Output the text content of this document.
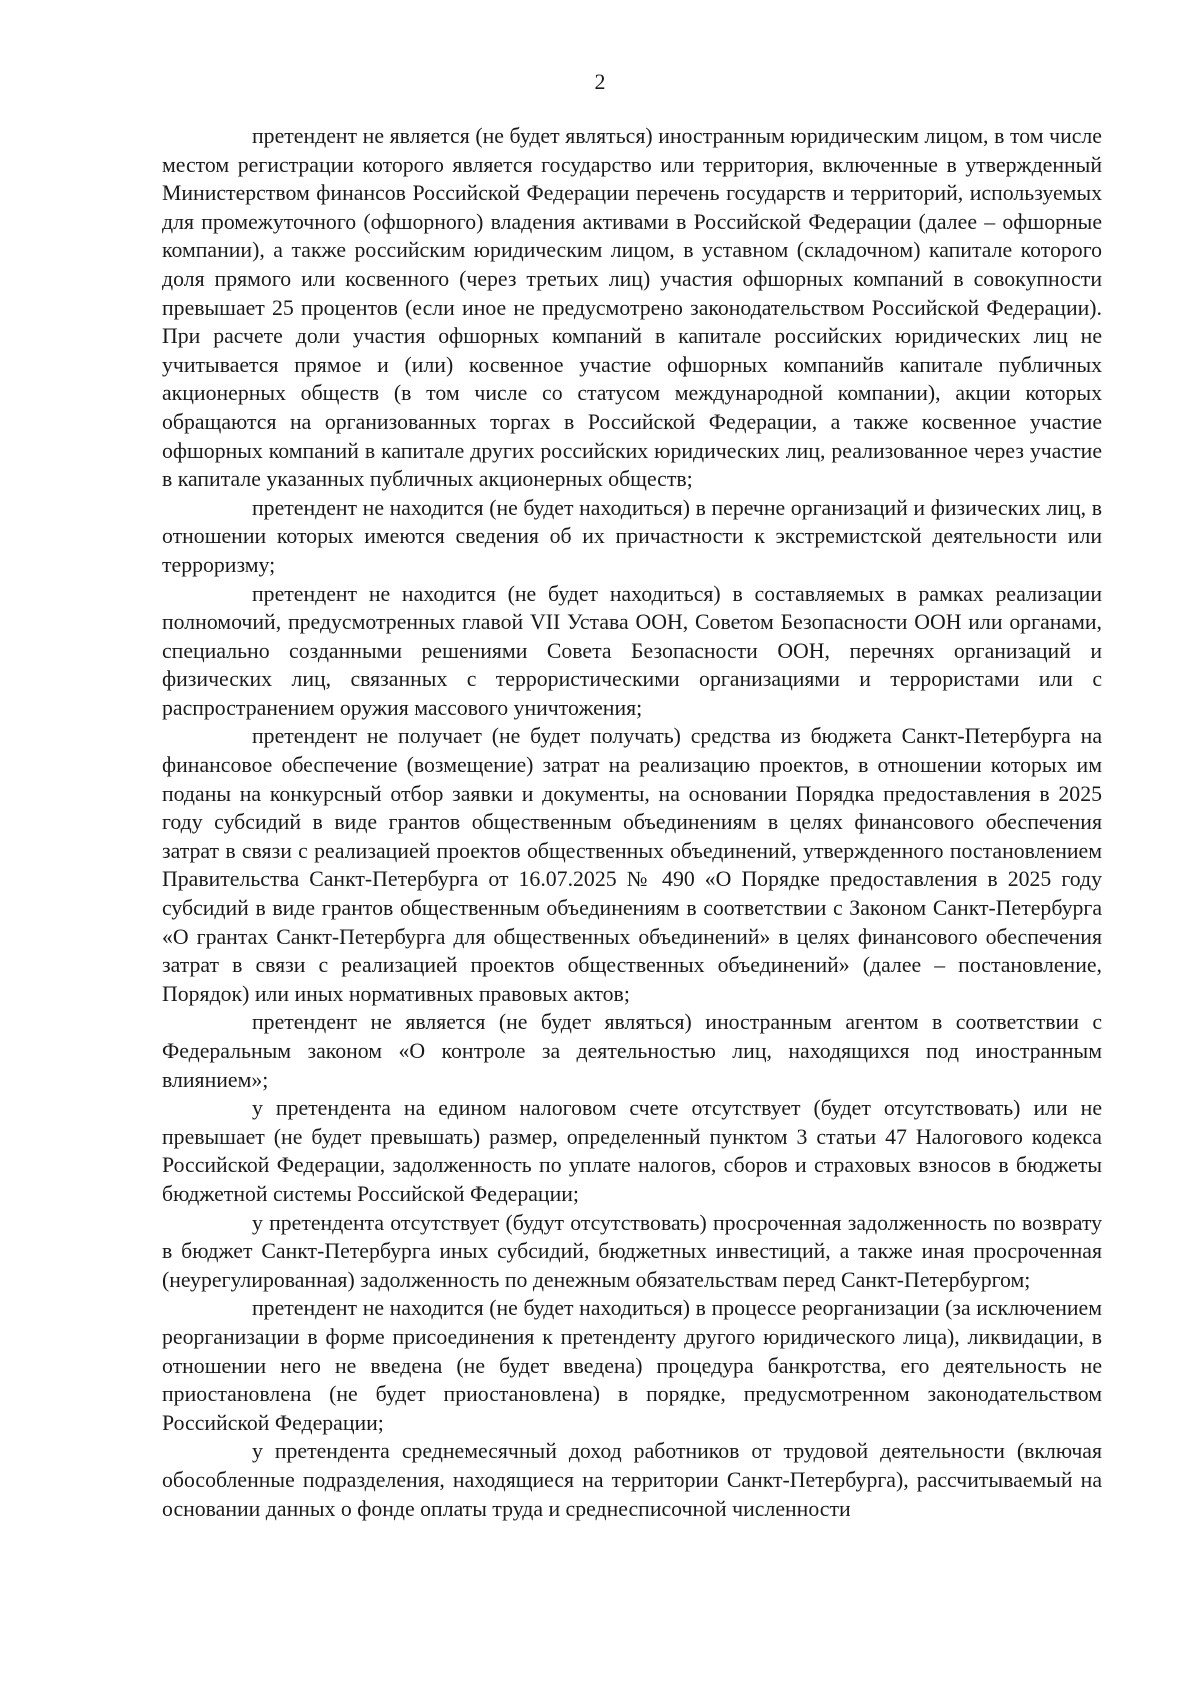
2

претендент не является (не будет являться) иностранным юридическим лицом, в том числе местом регистрации которого является государство или территория, включенные в утвержденный Министерством финансов Российской Федерации перечень государств и территорий, используемых для промежуточного (офшорного) владения активами в Российской Федерации (далее – офшорные компании), а также российским юридическим лицом, в уставном (складочном) капитале которого доля прямого или косвенного (через третьих лиц) участия офшорных компаний в совокупности превышает 25 процентов (если иное не предусмотрено законодательством Российской Федерации). При расчете доли участия офшорных компаний в капитале российских юридических лиц не учитывается прямое и (или) косвенное участие офшорных компанийв капитале публичных акционерных обществ (в том числе со статусом международной компании), акции которых обращаются на организованных торгах в Российской Федерации, а также косвенное участие офшорных компаний в капитале других российских юридических лиц, реализованное через участие в капитале указанных публичных акционерных обществ;

претендент не находится (не будет находиться) в перечне организаций и физических лиц, в отношении которых имеются сведения об их причастности к экстремистской деятельности или терроризму;

претендент не находится (не будет находиться) в составляемых в рамках реализации полномочий, предусмотренных главой VII Устава ООН, Советом Безопасности ООН или органами, специально созданными решениями Совета Безопасности ООН, перечнях организаций и физических лиц, связанных с террористическими организациями и террористами или с распространением оружия массового уничтожения;

претендент не получает (не будет получать) средства из бюджета Санкт-Петербурга на финансовое обеспечение (возмещение) затрат на реализацию проектов, в отношении которых им поданы на конкурсный отбор заявки и документы, на основании Порядка предоставления в 2025 году субсидий в виде грантов общественным объединениям в целях финансового обеспечения затрат в связи с реализацией проектов общественных объединений, утвержденного постановлением Правительства Санкт-Петербурга от 16.07.2025 № 490 «О Порядке предоставления в 2025 году субсидий в виде грантов общественным объединениям в соответствии с Законом Санкт-Петербурга «О грантах Санкт-Петербурга для общественных объединений» в целях финансового обеспечения затрат в связи с реализацией проектов общественных объединений» (далее – постановление, Порядок) или иных нормативных правовых актов;

претендент не является (не будет являться) иностранным агентом в соответствии с Федеральным законом «О контроле за деятельностью лиц, находящихся под иностранным влиянием»;

у претендента на едином налоговом счете отсутствует (будет отсутствовать) или не превышает (не будет превышать) размер, определенный пунктом 3 статьи 47 Налогового кодекса Российской Федерации, задолженность по уплате налогов, сборов и страховых взносов в бюджеты бюджетной системы Российской Федерации;

у претендента отсутствует (будут отсутствовать) просроченная задолженность по возврату в бюджет Санкт-Петербурга иных субсидий, бюджетных инвестиций, а также иная просроченная (неурегулированная) задолженность по денежным обязательствам перед Санкт-Петербургом;

претендент не находится (не будет находиться) в процессе реорганизации (за исключением реорганизации в форме присоединения к претенденту другого юридического лица), ликвидации, в отношении него не введена (не будет введена) процедура банкротства, его деятельность не приостановлена (не будет приостановлена) в порядке, предусмотренном законодательством Российской Федерации;

у претендента среднемесячный доход работников от трудовой деятельности (включая обособленные подразделения, находящиеся на территории Санкт-Петербурга), рассчитываемый на основании данных о фонде оплаты труда и среднесписочной численности
